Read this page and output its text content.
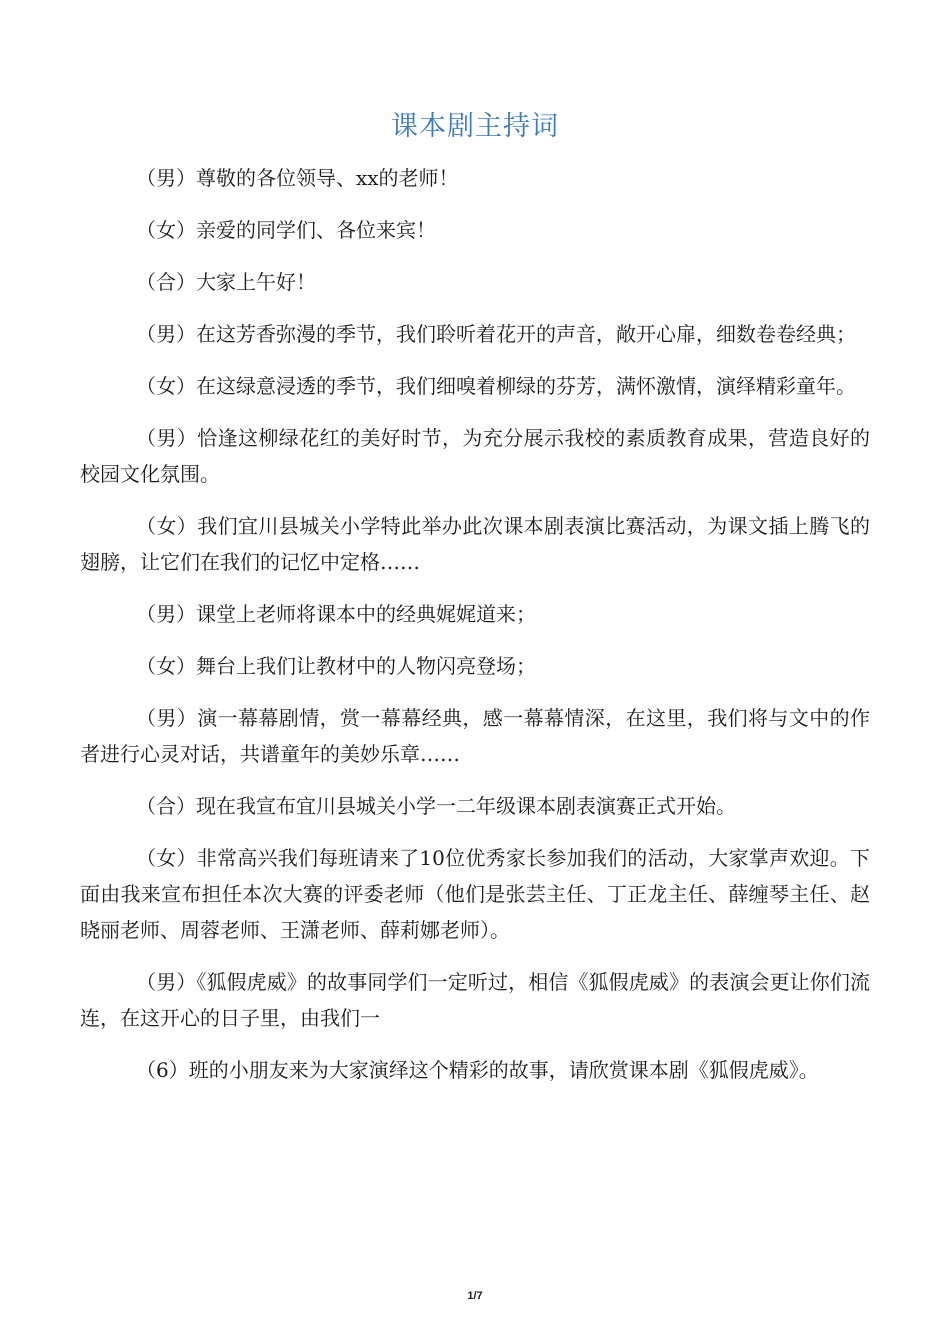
课本剧主持词

（男）尊敬的各位领导、xx的老师！

（女）亲爱的同学们、各位来宾！

（合）大家上午好！

（男）在这芳香弥漫的季节，我们聆听着花开的声音，敞开心扉，细数卷卷经典；

（女）在这绿意浸透的季节，我们细嗅着柳绿的芬芳，满怀激情，演绎精彩童年。

（男）恰逢这柳绿花红的美好时节，为充分展示我校的素质教育成果，营造良好的校园文化氛围。

（女）我们宜川县城关小学特此举办此次课本剧表演比赛活动，为课文插上腾飞的翅膀，让它们在我们的记忆中定格……

（男）课堂上老师将课本中的经典娓娓道来；

（女）舞台上我们让教材中的人物闪亮登场；

（男）演一幕幕剧情，赏一幕幕经典，感一幕幕情深，在这里，我们将与文中的作者进行心灵对话，共谱童年的美妙乐章……

（合）现在我宣布宜川县城关小学一二年级课本剧表演赛正式开始。

（女）非常高兴我们每班请来了10位优秀家长参加我们的活动，大家掌声欢迎。下面由我来宣布担任本次大赛的评委老师（他们是张芸主任、丁正龙主任、薛缠琴主任、赵晓丽老师、周蓉老师、王潇老师、薛莉娜老师）。

（男）《狐假虎威》的故事同学们一定听过，相信《狐假虎威》的表演会更让你们流连，在这开心的日子里，由我们一

（6）班的小朋友来为大家演绎这个精彩的故事，请欣赏课本剧《狐假虎威》。

1/7
